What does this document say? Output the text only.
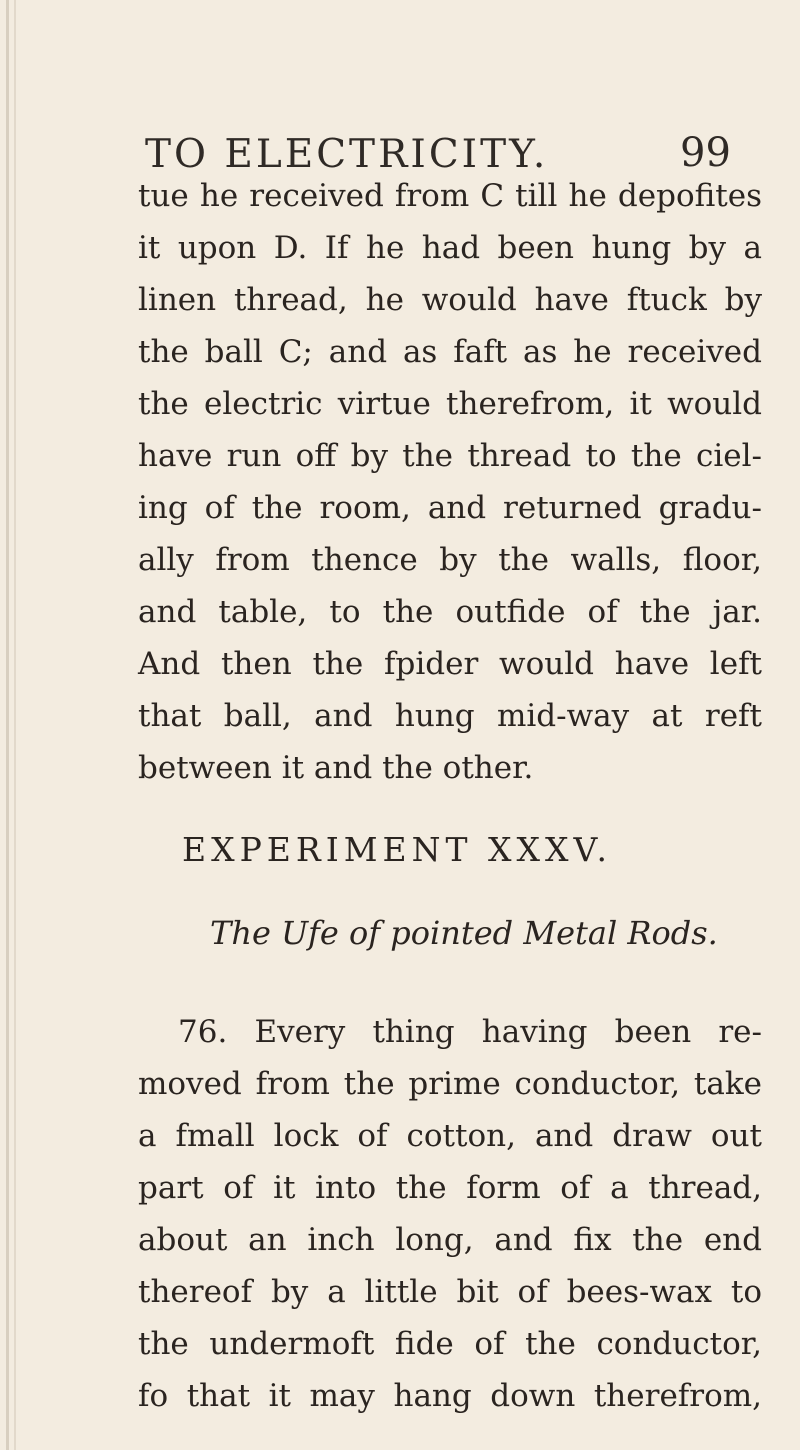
TO ELECTRICITY.	99
tue he received from C till he depofites
it upon D. If he had been hung by a
linen thread, he would have ftuck by
the ball C; and as faft as he received
the electric virtue therefrom, it would
have run off by the thread to the ciel-
ing of the room, and returned gradu-
ally from thence by the walls, floor,
and table, to the outfide of the jar.
And then the fpider would have left
that ball, and hung mid-way at reft
between it and the other.
EXPERIMENT XXXV.
The Ufe of pointed Metal Rods.
76. Every thing having been re-
moved from the prime conductor, take
a fmall lock of cotton, and draw out
part of it into the form of a thread,
about an inch long, and fix the end
thereof by a little bit of bees-wax to
the undermoft fide of the conductor,
fo that it may hang down therefrom,
